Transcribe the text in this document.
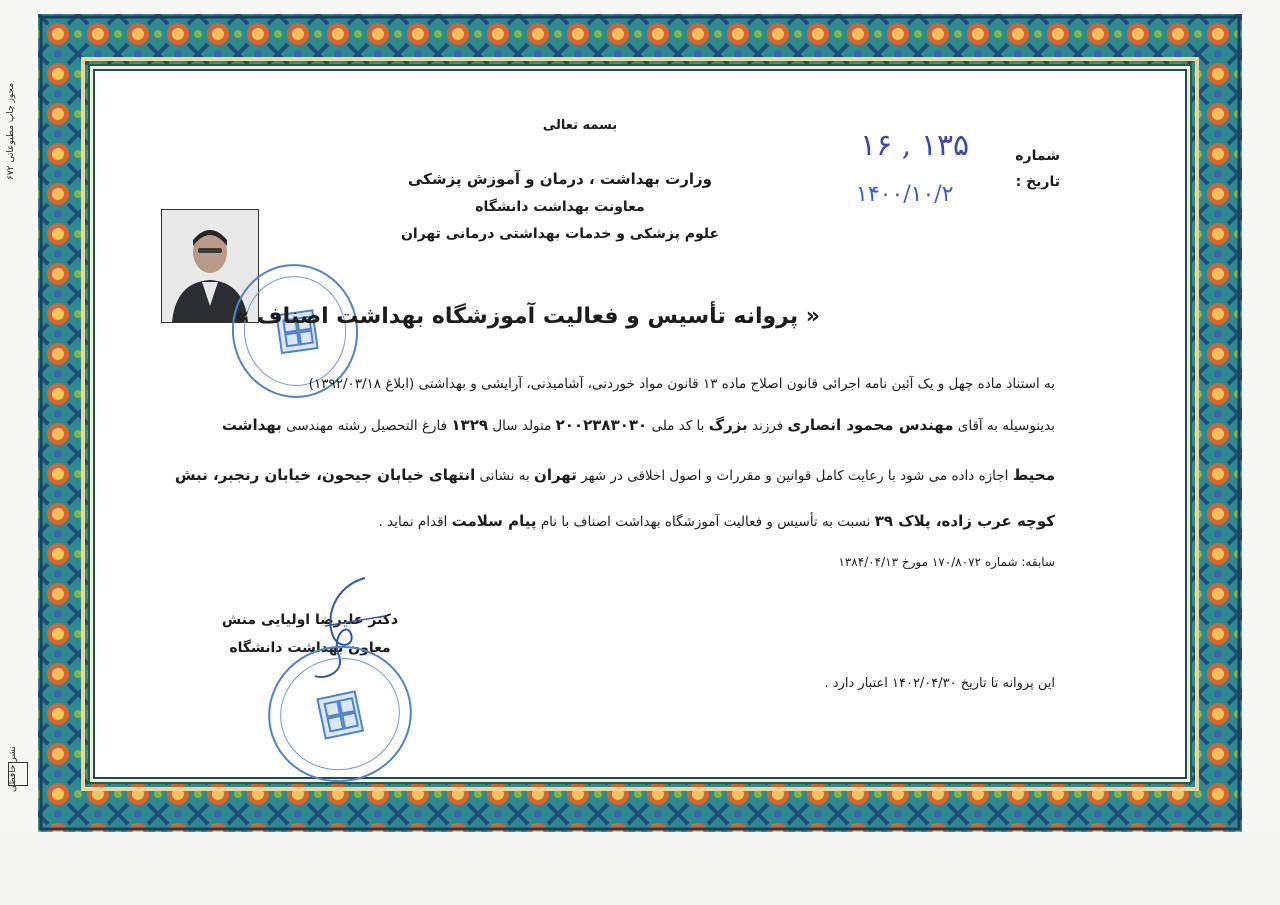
مجوز چاپ مطبوعاتی ۶۷۲
نشر حافظی
بسمه تعالی
شماره
تاریخ :
۱۶ , ۱۳۵
۱۴۰۰/۱۰/۲
وزارت بهداشت ، درمان و آموزش پزشکی
معاونت بهداشت دانشگاه
علوم پزشکی و خدمات بهداشتی درمانی تهران
« پروانه تأسیس و فعالیت آموزشگاه بهداشت اصناف »
به استناد ماده چهل و یک آئین نامه اجرائی قانون اصلاح ماده ۱۳ قانون مواد خوردنی، آشامیدنی، آرایشی و بهداشتی (ابلاغ ۱۳۹۲/۰۳/۱۸)
بدینوسیله به آقای مهندس محمود انصاری فرزند بزرگ با کد ملی ۲۰۰۲۳۸۳۰۳۰ متولد سال ۱۳۲۹ فارغ التحصیل رشته مهندسی بهداشت
محیط اجازه داده می شود با رعایت کامل قوانین و مقررات و اصول اخلاقی در شهر تهران به نشانی انتهای خیابان جیحون، خیابان رنجبر، نبش
کوچه عرب زاده، پلاک ۳۹ نسبت به تأسیس و فعالیت آموزشگاه بهداشت اصناف با نام پیام سلامت اقدام نماید .
سابقه: شماره ۱۷۰/۸۰۷۲ مورخ ۱۳۸۴/۰۴/۱۳
دکتر علیرضا اولیایی منش
معاون بهداشت دانشگاه
این پروانه تا تاریخ ۱۴۰۲/۰۴/۳۰ اعتبار دارد .
